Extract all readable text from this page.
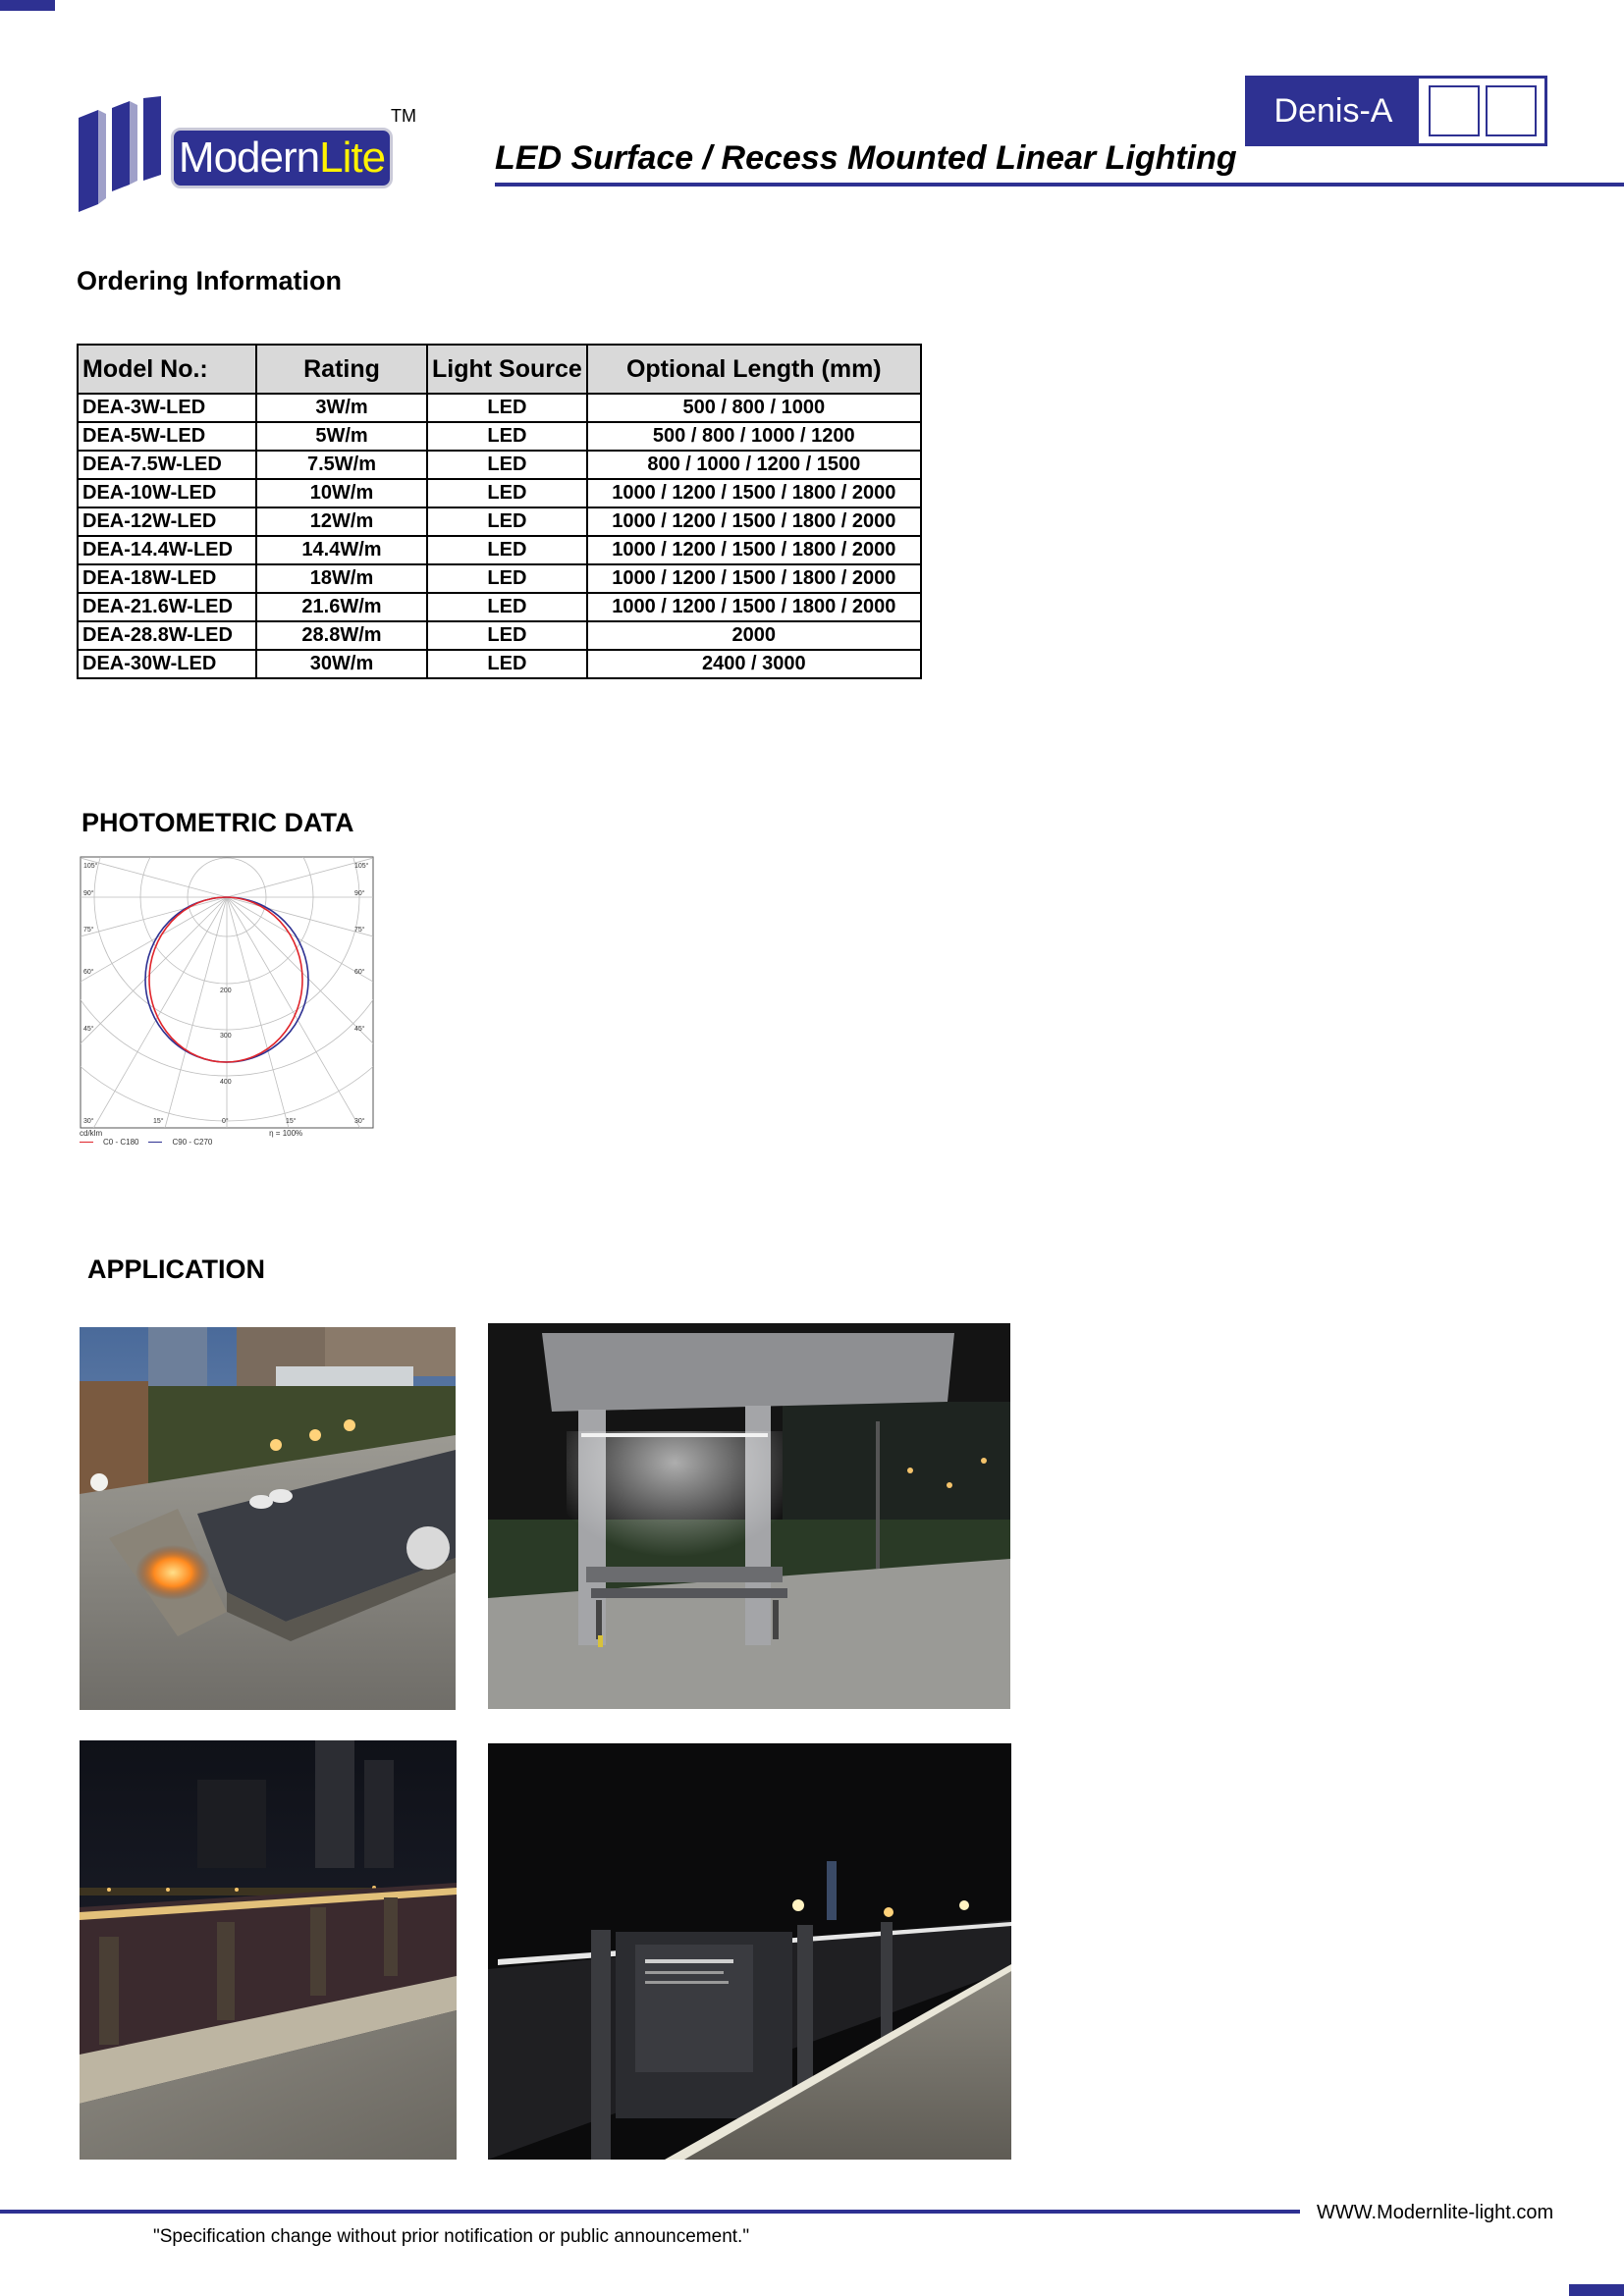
ModernLite
TM	Denis-A
LED Surface / Recess Mounted Linear Lighting
Ordering Information
Model No.:	Rating	Light Source	Optional Length (mm)
DEA-3W-LED	3W/m	LED	500 / 800 / 1000
DEA-5W-LED	5W/m	LED	500 / 800 / 1000 / 1200
DEA-7.5W-LED	7.5W/m	LED	800 / 1000 / 1200 / 1500
DEA-10W-LED	10W/m	LED	1000 / 1200 / 1500 / 1800 / 2000
DEA-12W-LED	12W/m	LED	1000 / 1200 / 1500 / 1800 / 2000
DEA-14.4W-LED	14.4W/m	LED	1000 / 1200 / 1500 / 1800 / 2000
DEA-18W-LED	18W/m	LED	1000 / 1200 / 1500 / 1800 / 2000
DEA-21.6W-LED	21.6W/m	LED	1000 / 1200 / 1500 / 1800 / 2000
DEA-28.8W-LED	28.8W/m	LED	2000
DEA-30W-LED	30W/m	LED	2400 / 3000
PHOTOMETRIC DATA
105°
90°
75°
60°
45°
105°
90°
75°
60°
45°
30°	15°	0°	15°	30°
200
300
400
cd/klm	η = 100%
C0 - C180	C90 - C270
APPLICATION
WWW.Modernlite-light.com
"Specification change without prior notification or public announcement."
